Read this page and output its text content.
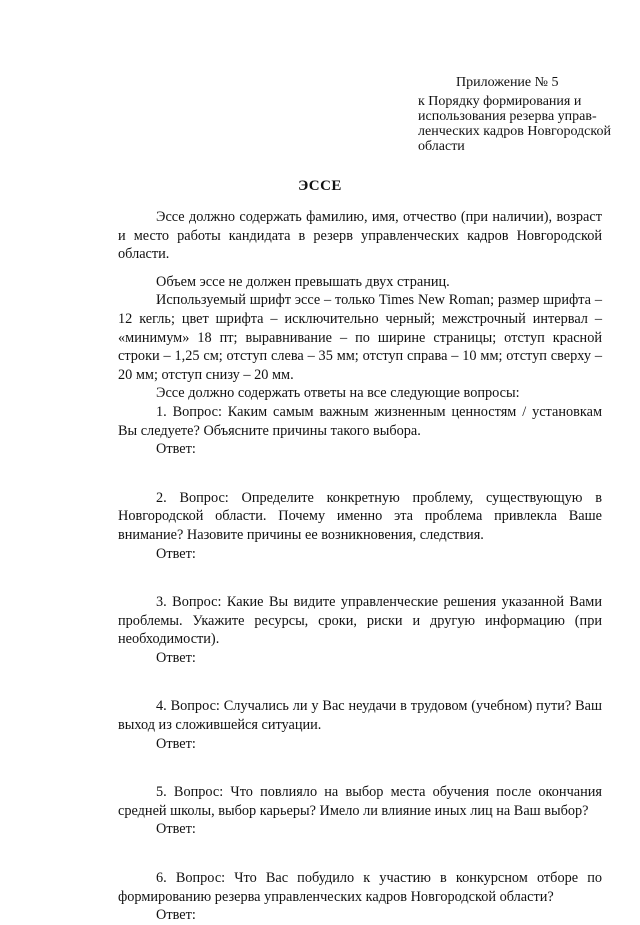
Приложение № 5
к Порядку формирования и использования резерва управленческих кадров Новгородской области
ЭССЕ

Эссе должно содержать фамилию, имя, отчество (при наличии), возраст и место работы кандидата в резерв управленческих кадров Новгородской области.

Объем эссе не должен превышать двух страниц.

Используемый шрифт эссе – только Times New Roman; размер шрифта – 12 кегль; цвет шрифта – исключительно черный; межстрочный интервал – «минимум» 18 пт; выравнивание – по ширине страницы; отступ красной строки – 1,25 см; отступ слева – 35 мм; отступ справа – 10 мм; отступ сверху – 20 мм; отступ снизу – 20 мм.

Эссе должно содержать ответы на все следующие вопросы:

1. Вопрос: Каким самым важным жизненным ценностям / установкам Вы следуете? Объясните причины такого выбора.

Ответ:

2. Вопрос: Определите конкретную проблему, существующую в Новгородской области. Почему именно эта проблема привлекла Ваше внимание? Назовите причины ее возникновения, следствия.

Ответ:

3. Вопрос: Какие Вы видите управленческие решения указанной Вами проблемы. Укажите ресурсы, сроки, риски и другую информацию (при необходимости).

Ответ:

4. Вопрос: Случались ли у Вас неудачи в трудовом (учебном) пути? Ваш выход из сложившейся ситуации.

Ответ:

5. Вопрос: Что повлияло на выбор места обучения после окончания средней школы, выбор карьеры? Имело ли влияние иных лиц на Ваш выбор?

Ответ:

6. Вопрос: Что Вас побудило к участию в конкурсном отборе по формированию резерва управленческих кадров Новгородской области?

Ответ:
